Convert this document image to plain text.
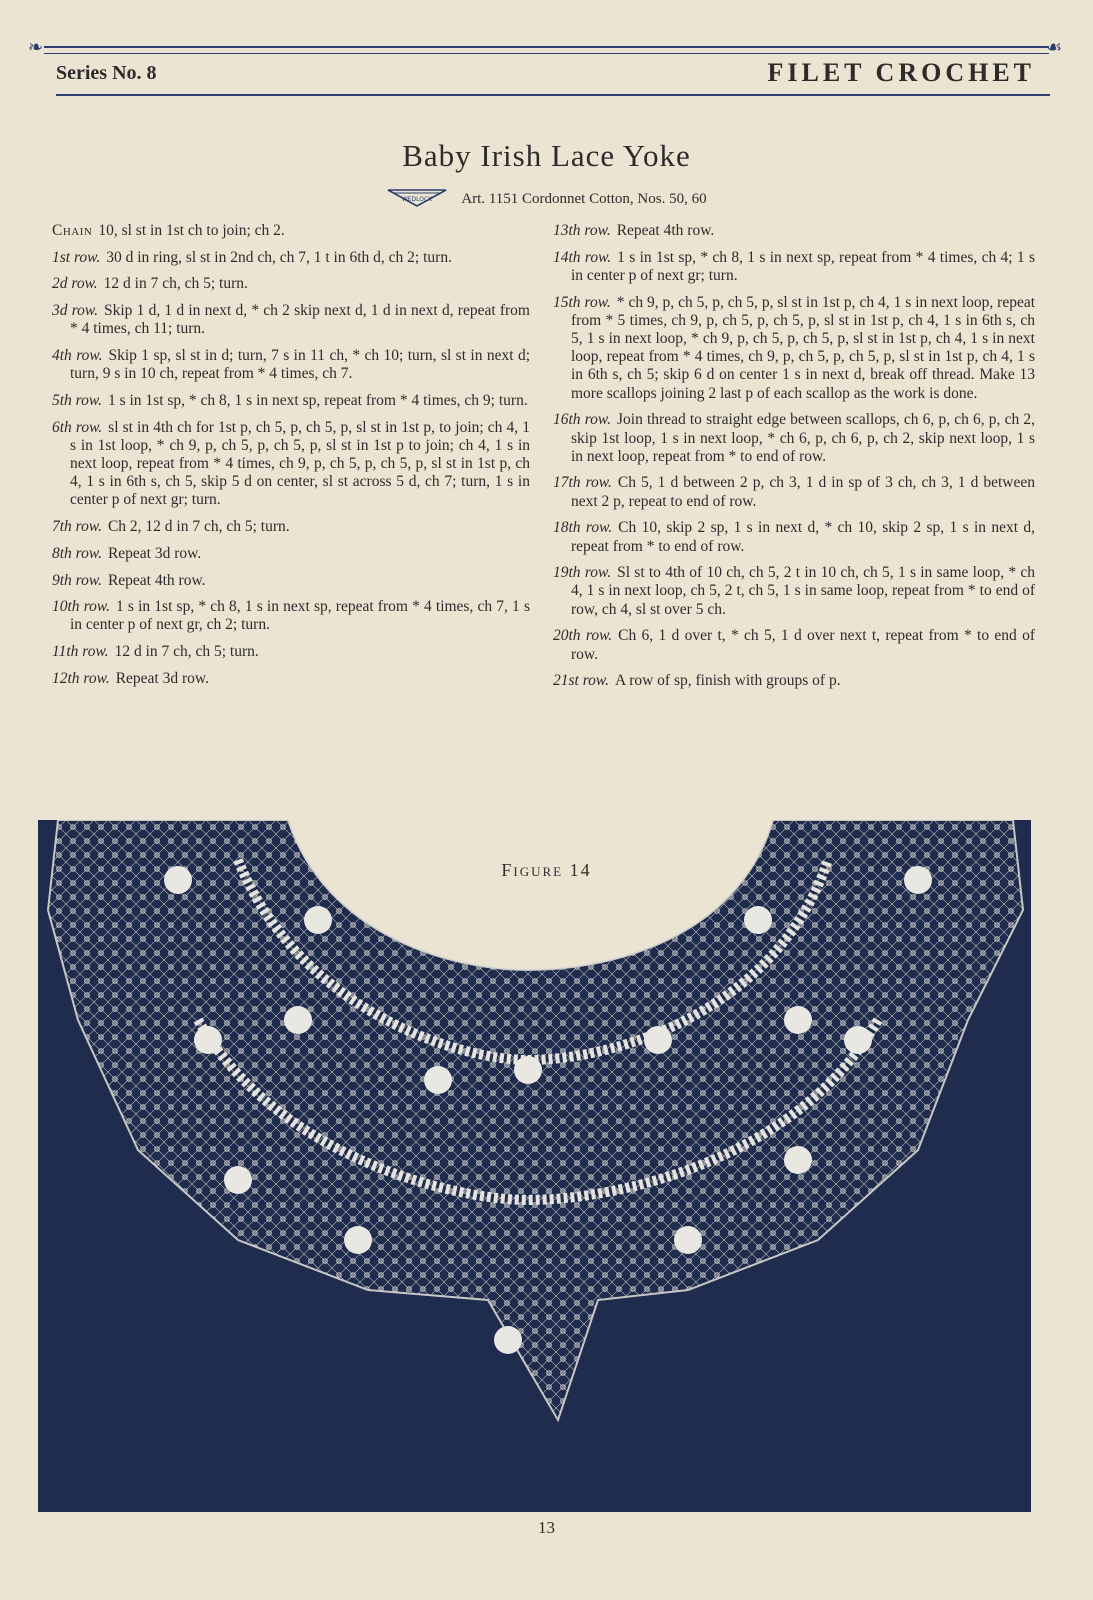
❧	☙
Series No. 8	FILET CROCHET
Baby Irish Lace Yoke
WEDLOCK Art. 1151 Cordonnet Cotton, Nos. 50, 60

Chain 10, sl st in 1st ch to join; ch 2.

1st row. 30 d in ring, sl st in 2nd ch, ch 7, 1 t in 6th d, ch 2; turn.

2d row. 12 d in 7 ch, ch 5; turn.

3d row. Skip 1 d, 1 d in next d, * ch 2 skip next d, 1 d in next d, repeat from * 4 times, ch 11; turn.

4th row. Skip 1 sp, sl st in d; turn, 7 s in 11 ch, * ch 10; turn, sl st in next d; turn, 9 s in 10 ch, repeat from * 4 times, ch 7.

5th row. 1 s in 1st sp, * ch 8, 1 s in next sp, repeat from * 4 times, ch 9; turn.

6th row. sl st in 4th ch for 1st p, ch 5, p, ch 5, p, sl st in 1st p, to join; ch 4, 1 s in 1st loop, * ch 9, p, ch 5, p, ch 5, p, sl st in 1st p to join; ch 4, 1 s in next loop, repeat from * 4 times, ch 9, p, ch 5, p, ch 5, p, sl st in 1st p, ch 4, 1 s in 6th s, ch 5, skip 5 d on center, sl st across 5 d, ch 7; turn, 1 s in center p of next gr; turn.

7th row. Ch 2, 12 d in 7 ch, ch 5; turn.

8th row. Repeat 3d row.

9th row. Repeat 4th row.

10th row. 1 s in 1st sp, * ch 8, 1 s in next sp, repeat from * 4 times, ch 7, 1 s in center p of next gr, ch 2; turn.

11th row. 12 d in 7 ch, ch 5; turn.

12th row. Repeat 3d row.

13th row. Repeat 4th row.

14th row. 1 s in 1st sp, * ch 8, 1 s in next sp, repeat from * 4 times, ch 4; 1 s in center p of next gr; turn.

15th row. * ch 9, p, ch 5, p, ch 5, p, sl st in 1st p, ch 4, 1 s in next loop, repeat from * 5 times, ch 9, p, ch 5, p, ch 5, p, sl st in 1st p, ch 4, 1 s in 6th s, ch 5, 1 s in next loop, * ch 9, p, ch 5, p, ch 5, p, sl st in 1st p, ch 4, 1 s in next loop, repeat from * 4 times, ch 9, p, ch 5, p, ch 5, p, sl st in 1st p, ch 4, 1 s in 6th s, ch 5; skip 6 d on center 1 s in next d, break off thread. Make 13 more scallops joining 2 last p of each scallop as the work is done.

16th row. Join thread to straight edge between scallops, ch 6, p, ch 6, p, ch 2, skip 1st loop, 1 s in next loop, * ch 6, p, ch 6, p, ch 2, skip next loop, 1 s in next loop, repeat from * to end of row.

17th row. Ch 5, 1 d between 2 p, ch 3, 1 d in sp of 3 ch, ch 3, 1 d between next 2 p, repeat to end of row.

18th row. Ch 10, skip 2 sp, 1 s in next d, * ch 10, skip 2 sp, 1 s in next d, repeat from * to end of row.

19th row. Sl st to 4th of 10 ch, ch 5, 2 t in 10 ch, ch 5, 1 s in same loop, * ch 4, 1 s in next loop, ch 5, 2 t, ch 5, 1 s in same loop, repeat from * to end of row, ch 4, sl st over 5 ch.

20th row. Ch 6, 1 d over t, * ch 5, 1 d over next t, repeat from * to end of row.

21st row. A row of sp, finish with groups of p.

Figure 14
13
